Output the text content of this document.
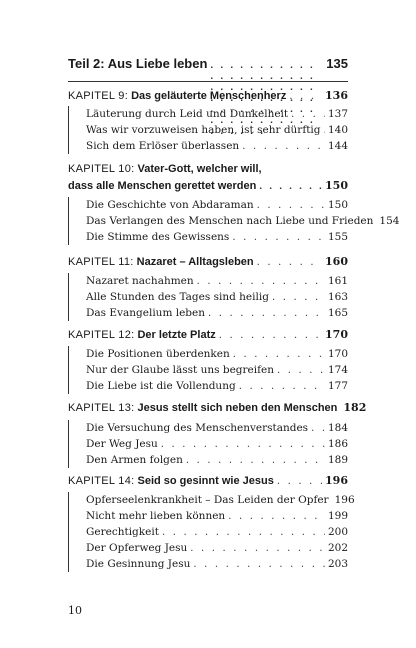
Teil 2: Aus Liebe leben . . .	135
KAPITEL 9: Das geläuterte Menschenherz . . .	136
Läuterung durch Leid und Dunkelheit . . .	137
Was wir vorzuweisen haben, ist sehr dürftig . . . 140
Sich dem Erlöser überlassen . . .	144
KAPITEL 10: Vater-Gott, welcher will,
dass alle Menschen gerettet werden . . .	150
Die Geschichte von Abdaraman . . .	150
Das Verlangen des Menschen nach Liebe und Frieden 154
Die Stimme des Gewissens . . .	155
KAPITEL 11: Nazaret – Alltagsleben . . .	160
Nazaret nachahmen . . .	161
Alle Stunden des Tages sind heilig . . .	163
Das Evangelium leben . . .	165
KAPITEL 12: Der letzte Platz . . .	170
Die Positionen überdenken . . .	170
Nur der Glaube lässt uns begreifen . . .	174
Die Liebe ist die Vollendung . . .	177
KAPITEL 13: Jesus stellt sich neben den Menschen 182
Die Versuchung des Menschenverstandes . . . 184
Der Weg Jesu . . .	186
Den Armen folgen . . .	189
KAPITEL 14: Seid so gesinnt wie Jesus . . .	196
Opferseelenkrankheit – Das Leiden der Opfer 196
Nicht mehr lieben können . . .	199
Gerechtigkeit . . .	200
Der Opferweg Jesu . . .	202
Die Gesinnung Jesu . . .	203
10
